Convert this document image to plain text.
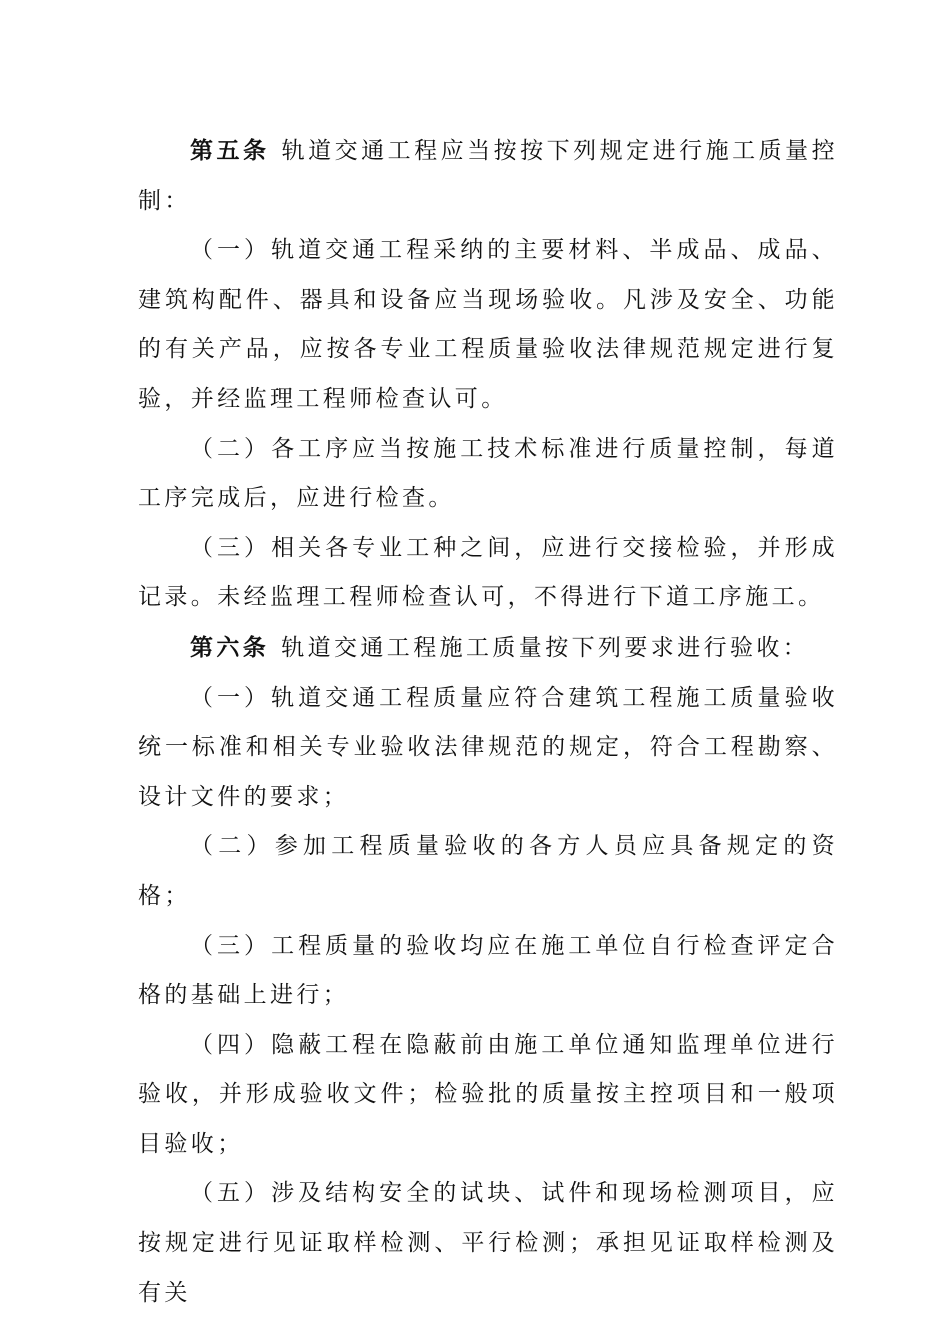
第五条 轨道交通工程应当按按下列规定进行施工质量控制：

（一）轨道交通工程采纳的主要材料、半成品、成品、建筑构配件、器具和设备应当现场验收。凡涉及安全、功能的有关产品，应按各专业工程质量验收法律规范规定进行复验，并经监理工程师检查认可。

（二）各工序应当按施工技术标准进行质量控制，每道工序完成后，应进行检查。

（三）相关各专业工种之间，应进行交接检验，并形成记录。未经监理工程师检查认可，不得进行下道工序施工。

第六条 轨道交通工程施工质量按下列要求进行验收：

（一）轨道交通工程质量应符合建筑工程施工质量验收统一标准和相关专业验收法律规范的规定，符合工程勘察、设计文件的要求；

（二）参加工程质量验收的各方人员应具备规定的资格；

（三）工程质量的验收均应在施工单位自行检查评定合格的基础上进行；

（四）隐蔽工程在隐蔽前由施工单位通知监理单位进行验收，并形成验收文件；检验批的质量按主控项目和一般项目验收；

（五）涉及结构安全的试块、试件和现场检测项目，应按规定进行见证取样检测、平行检测；承担见证取样检测及有关
